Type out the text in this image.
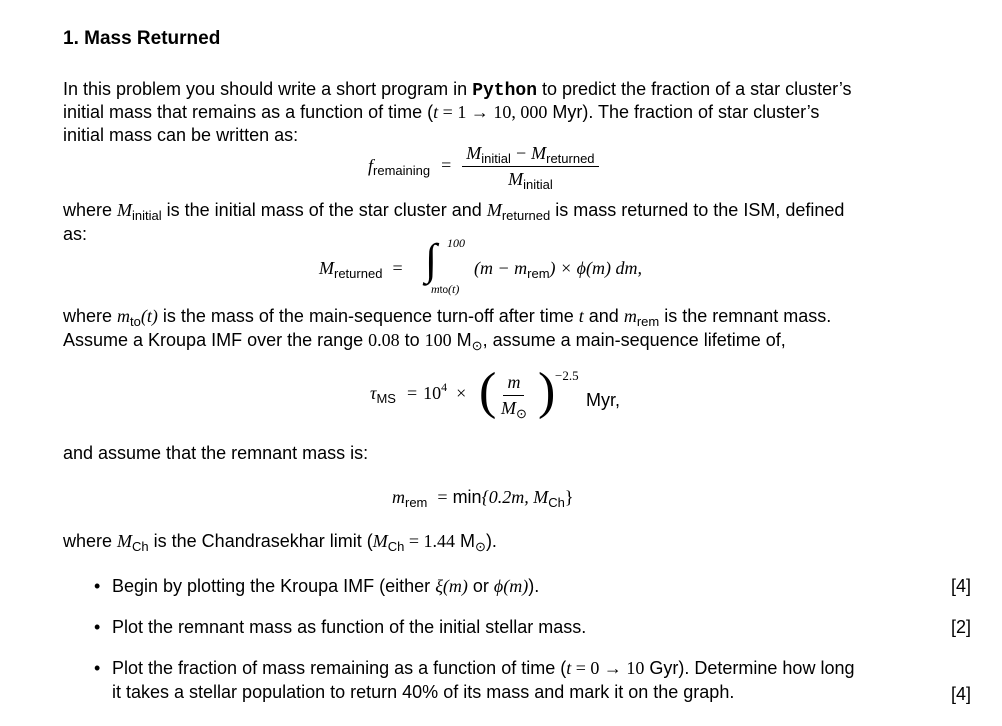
1. Mass Returned
In this problem you should write a short program in Python to predict the fraction of a star cluster’s
initial mass that remains as a function of time (t = 1 → 10, 000 Myr). The fraction of star cluster’s
initial mass can be written as:
$f_{remaining} = \frac{M_{initial} - M_{returned}}{M_{initial}}$
where $M_{initial}$ is the initial mass of the star cluster and $M_{returned}$ is mass returned to the ISM, defined
as:
$M_{returned}$ = ∫ 100
mto(t)
$(m - m_{rem}) \times \phi(m)$ dm,
where $m_{to}(t)$ is the mass of the main-sequence turn-off after time t and $m_{rem}$ is the remnant mass.
Assume a Kroupa IMF over the range 0.08 to 100 $M_⊙$, assume a main-sequence lifetime of,
$\tau_{MS} = 10^4$ × ( $\frac{m}{M_⊙}$ ) −2.5
Myr,
and assume that the remnant mass is:
$m_{rem} = \min\{0.2m$, $M_{Ch}$}
where $M_{Ch}$ is the Chandrasekhar limit ($M_{Ch} = 1.44$ $M_⊙$).
• Begin by plotting the Kroupa IMF (either ξ(m) or ϕ(m)).	[4]
• Plot the remnant mass as function of the initial stellar mass.	[2]
• Plot the fraction of mass remaining as a function of time (t = 0 → 10 Gyr). Determine how long
it takes a stellar population to return 40% of its mass and mark it on the graph.	[4]
